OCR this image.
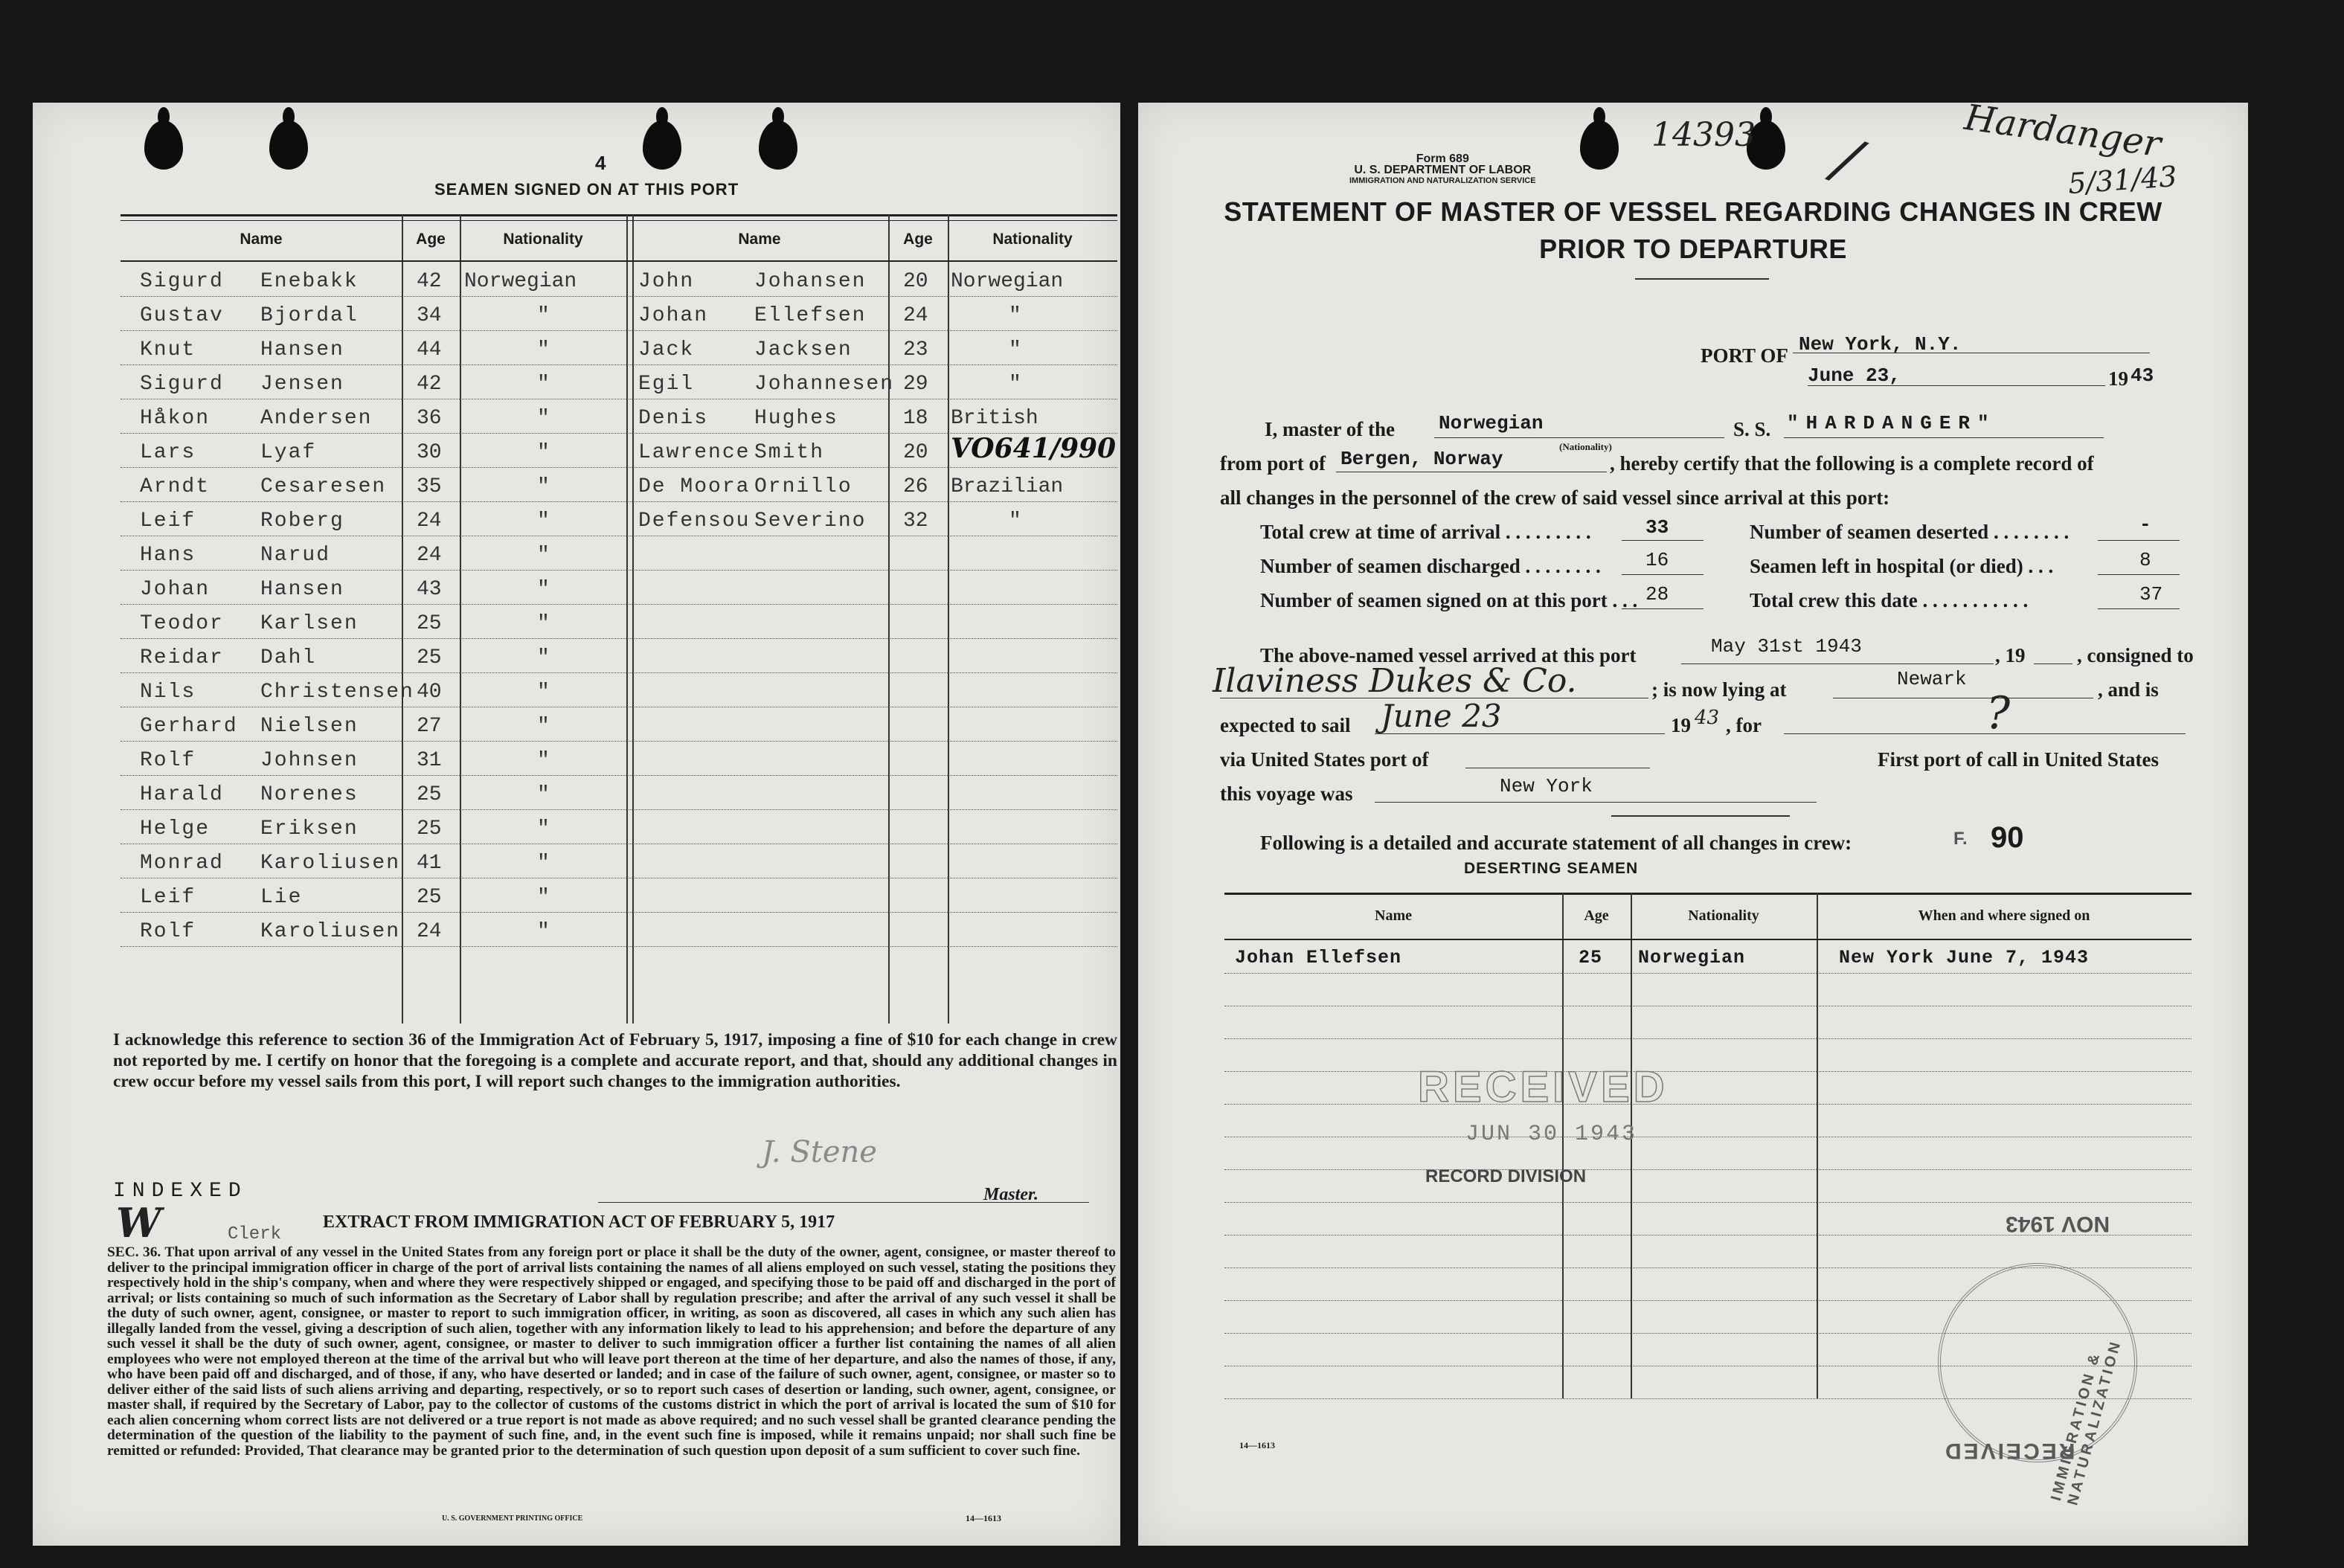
4
SEAMEN SIGNED ON AT THIS PORT
Name	Age	Nationality	Name	Age	Nationality
Sigurd Enebakk	42 Norwegian	John	Johansen 20 Norwegian
Gustav Bjordal	34	"	Johan Ellefsen 24	"
Knut	Hansen	44	"	Jack	Jacksen 23	"
Sigurd Jensen	42	"	Egil	Johannesen 29	"
Håkon Andersen 36	"	Denis Hughes	18 British
Lars	Lyaf	30	"	Lawrence Smith	20 VO641/990
Arndt Cesaresen 35	"	De Moora Ornillo 26 Brazilian
Leif	Roberg	24	"	Defensou Severino 32	"
Hans	Narud	24	"
Johan Hansen	43	"
Teodor Karlsen	25	"
Reidar Dahl	25	"
Nils	Christensen 40	"
Gerhard Nielsen	27	"
Rolf	Johnsen	31	"
Harald Norenes	25	"
Helge Eriksen	25	"
Monrad Karoliusen 41	"
Leif	Lie	25	"
Rolf	Karoliusen 24	"
I acknowledge this reference to section 36 of the Immigration Act of February 5, 1917, imposing a fine of $10 for each change in crew not reported by me. I certify on honor that the foregoing is a complete and accurate report, and that, should any additional changes in crew occur before my vessel sails from this port, I will report such changes to the immigration authorities.
INDEXED
J. Stene
Master.
W	Clerk
EXTRACT FROM IMMIGRATION ACT OF FEBRUARY 5, 1917
SEC. 36. That upon arrival of any vessel in the United States from any foreign port or place it shall be the duty of the owner, agent, consignee, or master thereof to deliver to the principal immigration officer in charge of the port of arrival lists containing the names of all aliens employed on such vessel, stating the positions they respectively hold in the ship's company, when and where they were respectively shipped or engaged, and specifying those to be paid off and discharged in the port of arrival; or lists containing so much of such information as the Secretary of Labor shall by regulation prescribe; and after the arrival of any such vessel it shall be the duty of such owner, agent, consignee, or master to report to such immigration officer, in writing, as soon as discovered, all cases in which any such alien has illegally landed from the vessel, giving a description of such alien, together with any information likely to lead to his apprehension; and before the departure of any such vessel it shall be the duty of such owner, agent, consignee, or master to deliver to such immigration officer a further list containing the names of all alien employees who were not employed thereon at the time of the arrival but who will leave port thereon at the time of her departure, and also the names of those, if any, who have been paid off and discharged, and of those, if any, who have deserted or landed; and in case of the failure of such owner, agent, consignee, or master so to deliver either of the said lists of such aliens arriving and departing, respectively, or so to report such cases of desertion or landing, such owner, agent, consignee, or master shall, if required by the Secretary of Labor, pay to the collector of customs of the customs district in which the port of arrival is located the sum of $10 for each alien concerning whom correct lists are not delivered or a true report is not made as above required; and no such vessel shall be granted clearance pending the determination of the question of the liability to the payment of such fine, and, in the event such fine is imposed, while it remains unpaid; nor shall such fine be remitted or refunded: Provided, That clearance may be granted prior to the determination of such question upon deposit of a sum sufficient to cover such fine.
U. S. GOVERNMENT PRINTING OFFICE	14—1613
Form 689
U. S. DEPARTMENT OF LABOR
IMMIGRATION AND NATURALIZATION SERVICE
14393 /	Hardanger
5/31/43
STATEMENT OF MASTER OF VESSEL REGARDING CHANGES IN CREW
PRIOR TO DEPARTURE
PORT OF New York, N.Y.
June 23,	19 43
I, master of the Norwegian
(Nationality)
S. S. "HARDANGER"
from port of Bergen, Norway	, hereby certify that the following is a complete record of
all changes in the personnel of the crew of said vessel since arrival at this port:
Total crew at time of arrival . . . . . . . . .	33	Number of seamen deserted . . . . . . . .	-
Number of seamen discharged . . . . . . . . 16	Seamen left in hospital (or died) . . .	8
Number of seamen signed on at this port . . . 28	Total crew this date . . . . . . . . . . .	37
The above-named vessel arrived at this port	May 31st 1943	, 19	, consigned to
Ilaviness Dukes & Co.	; is now lying at	Newark	, and is
expected to sail June 23	19 43 , for	?
via United States port of	First port of call in United States
this voyage was	New York
Following is a detailed and accurate statement of all changes in crew:	F. 90
DESERTING SEAMEN
Name	Age	Nationality	When and where signed on
Johan Ellefsen	25 Norwegian	New York June 7, 1943
RECEIVED
JUN 30 1943
RECORD DIVISION
NOV 1943
IMMIGRATION & NATURALIZATION
RECEIVED
14—1613
